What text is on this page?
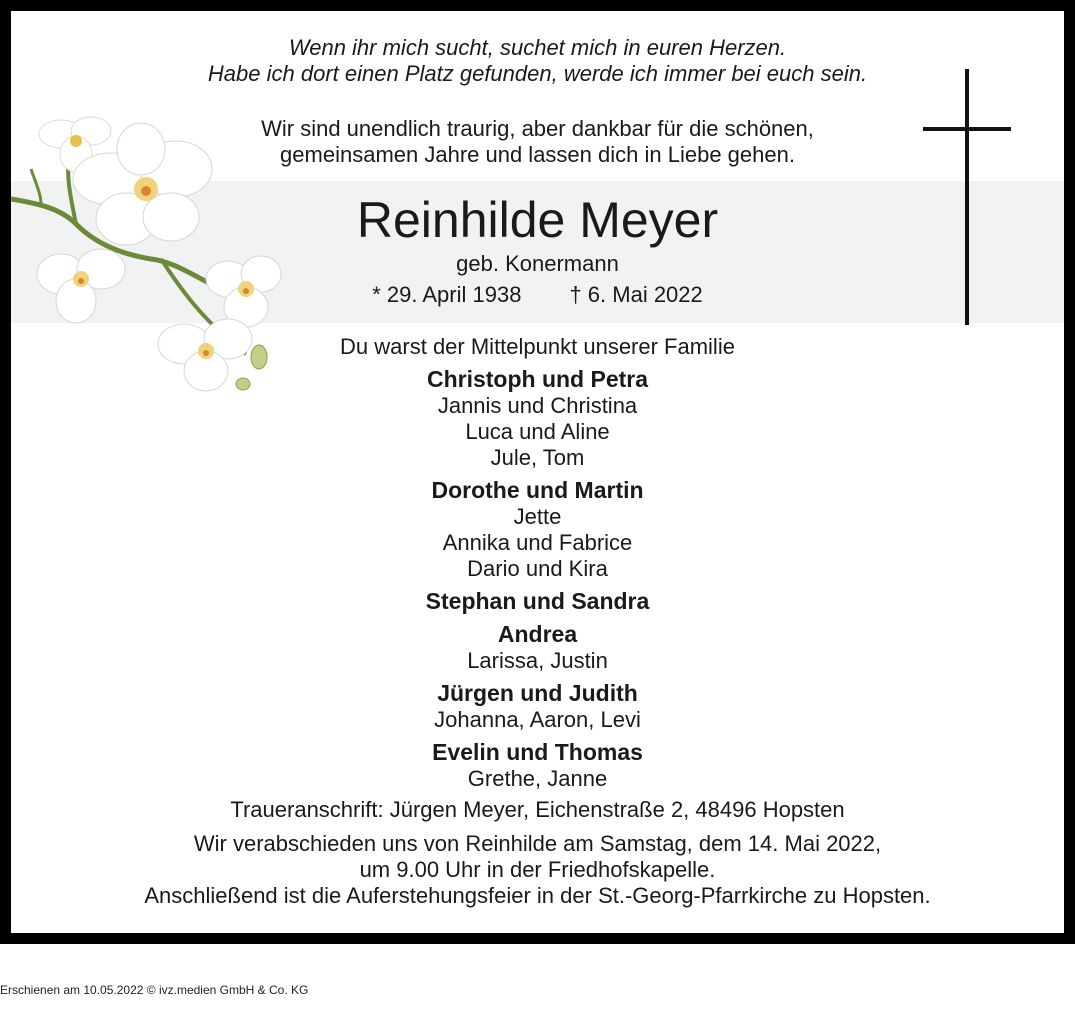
Wenn ihr mich sucht, suchet mich in euren Herzen.
Habe ich dort einen Platz gefunden, werde ich immer bei euch sein.
Wir sind unendlich traurig, aber dankbar für die schönen,
gemeinsamen Jahre und lassen dich in Liebe gehen.
Reinhilde Meyer
geb. Konermann
* 29. April 1938 † 6. Mai 2022
Du warst der Mittelpunkt unserer Familie
Christoph und Petra
Jannis und Christina
Luca und Aline
Jule, Tom
Dorothe und Martin
Jette
Annika und Fabrice
Dario und Kira
Stephan und Sandra
Andrea
Larissa, Justin
Jürgen und Judith
Johanna, Aaron, Levi
Evelin und Thomas
Grethe, Janne
Traueranschrift: Jürgen Meyer, Eichenstraße 2, 48496 Hopsten
Wir verabschieden uns von Reinhilde am Samstag, dem 14. Mai 2022,
um 9.00 Uhr in der Friedhofskapelle.
Anschließend ist die Auferstehungsfeier in der St.-Georg-Pfarrkirche zu Hopsten.
Erschienen am 10.05.2022 © ivz.medien GmbH & Co. KG
